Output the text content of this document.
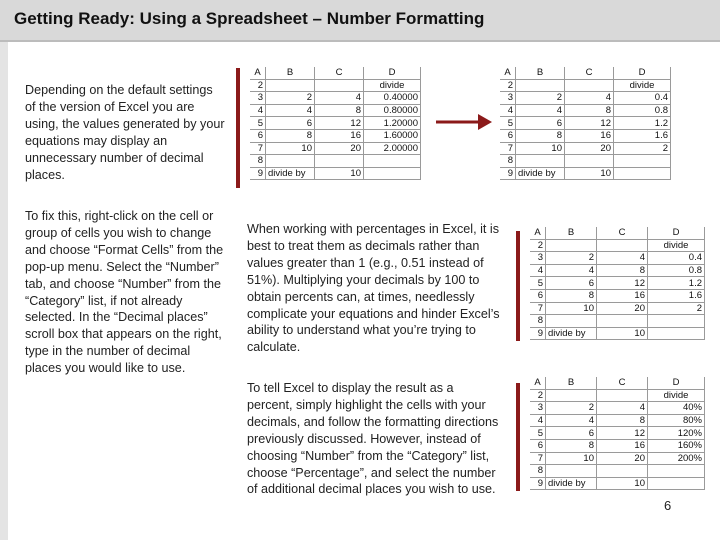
Getting Ready: Using a Spreadsheet – Number Formatting
Depending on the default settings of the version of Excel you are using, the values generated by your equations may display an unnecessary number of decimal places.
To fix this, right-click on the cell or group of cells you wish to change and choose “Format Cells” from the pop-up menu. Select the “Number” tab, and choose “Number” from the “Category” list, if not already selected. In the “Decimal places” scroll box that appears on the right, type in the number of decimal places you would like to use.
When working with percentages in Excel, it is best to treat them as decimals rather than values greater than 1 (e.g., 0.51 instead of 51%). Multiplying your decimals by 100 to obtain percents can, at times, needlessly complicate your equations and hinder Excel’s ability to understand what you’re trying to calculate.
To tell Excel to display the result as a percent, simply highlight the cells with your decimals, and follow the formatting directions previously discussed. However, instead of choosing “Number” from the “Category” list, choose “Percentage”, and select the number of additional decimal places you wish to use.
A	B	C	D
2			divide
3	2	4	0.40000
4	4	8	0.80000
5	6	12	1.20000
6	8	16	1.60000
7	10	20	2.00000
8			
9	divide by	10	
A	B	C	D
2			divide
3	2	4	0.4
4	4	8	0.8
5	6	12	1.2
6	8	16	1.6
7	10	20	2
8			
9	divide by	10	
A	B	C	D
2			divide
3	2	4	0.4
4	4	8	0.8
5	6	12	1.2
6	8	16	1.6
7	10	20	2
8			
9	divide by	10	
A	B	C	D
2			divide
3	2	4	40%
4	4	8	80%
5	6	12	120%
6	8	16	160%
7	10	20	200%
8			
9	divide by	10	
6
